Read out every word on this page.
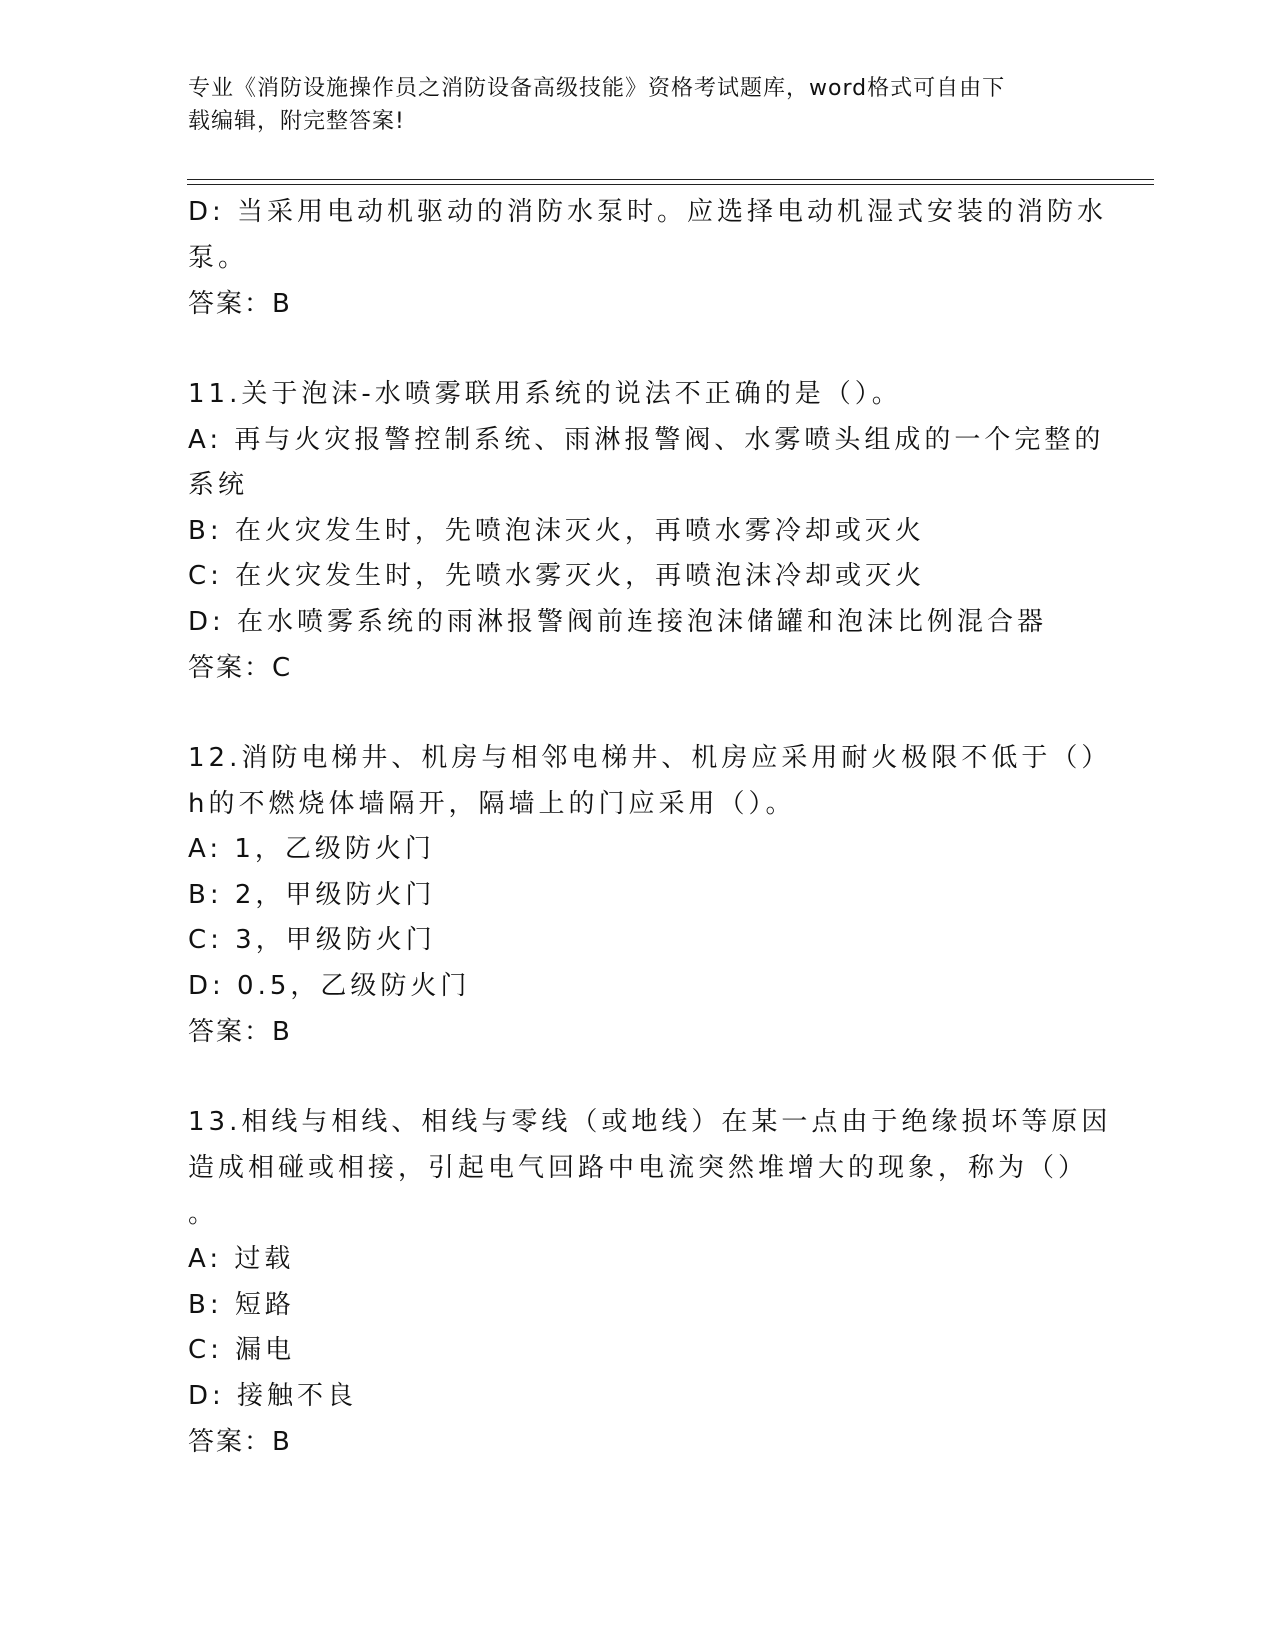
专业《消防设施操作员之消防设备高级技能》资格考试题库，word格式可自由下
载编辑，附完整答案!
D: 当采用电动机驱动的消防水泵时。应选择电动机湿式安装的消防水
泵。
答案：B
11.关于泡沫-水喷雾联用系统的说法不正确的是（）。
A: 再与火灾报警控制系统、雨淋报警阀、水雾喷头组成的一个完整的
系统
B: 在火灾发生时，先喷泡沫灭火，再喷水雾冷却或灭火
C: 在火灾发生时，先喷水雾灭火，再喷泡沫冷却或灭火
D: 在水喷雾系统的雨淋报警阀前连接泡沫储罐和泡沫比例混合器
答案：C
12.消防电梯井、机房与相邻电梯井、机房应采用耐火极限不低于（）
h的不燃烧体墙隔开，隔墙上的门应采用（）。
A: 1，乙级防火门
B: 2，甲级防火门
C: 3，甲级防火门
D: 0.5，乙级防火门
答案：B
13.相线与相线、相线与零线（或地线）在某一点由于绝缘损坏等原因
造成相碰或相接，引起电气回路中电流突然堆增大的现象，称为（）
。
A: 过载
B: 短路
C: 漏电
D: 接触不良
答案：B
